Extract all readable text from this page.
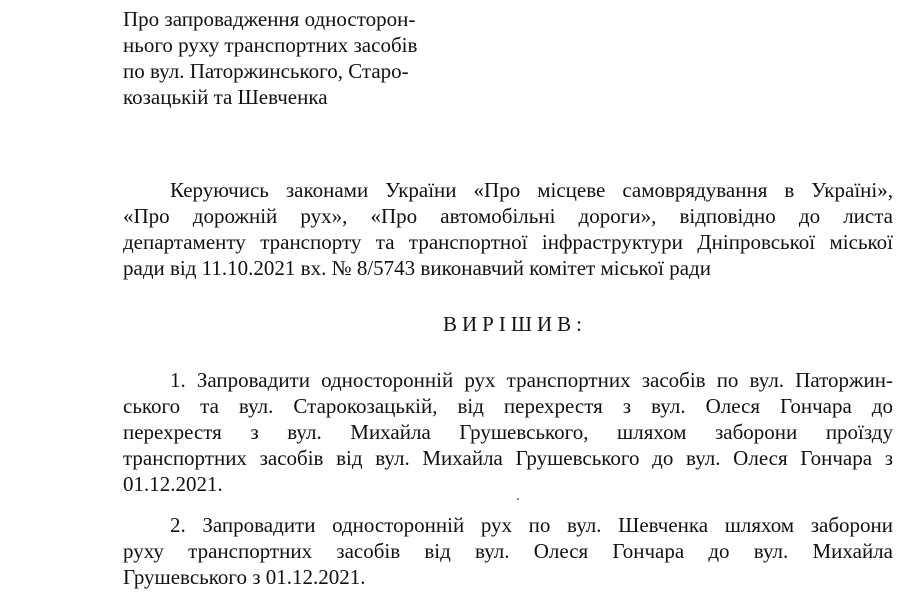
Про запровадження односторон-
нього руху транспортних засобів
по вул. Паторжинського, Старо-
козацькій та Шевченка
Керуючись законами України «Про місцеве самоврядування в Україні»,
«Про дорожній рух», «Про автомобільні дороги», відповідно до листа
департаменту транспорту та транспортної інфраструктури Дніпровської міської
ради від 11.10.2021 вх. № 8/5743 виконавчий комітет міської ради
ВИРІШИВ:
1. Запровадити односторонній рух транспортних засобів по вул. Паторжин-
ського та вул. Старокозацькій, від перехрестя з вул. Олеся Гончара до
перехрестя з вул. Михайла Грушевського, шляхом заборони проїзду
транспортних засобів від вул. Михайла Грушевського до вул. Олеся Гончара з
01.12.2021.
2. Запровадити односторонній рух по вул. Шевченка шляхом заборони
руху транспортних засобів від вул. Олеся Гончара до вул. Михайла
Грушевського з 01.12.2021.
